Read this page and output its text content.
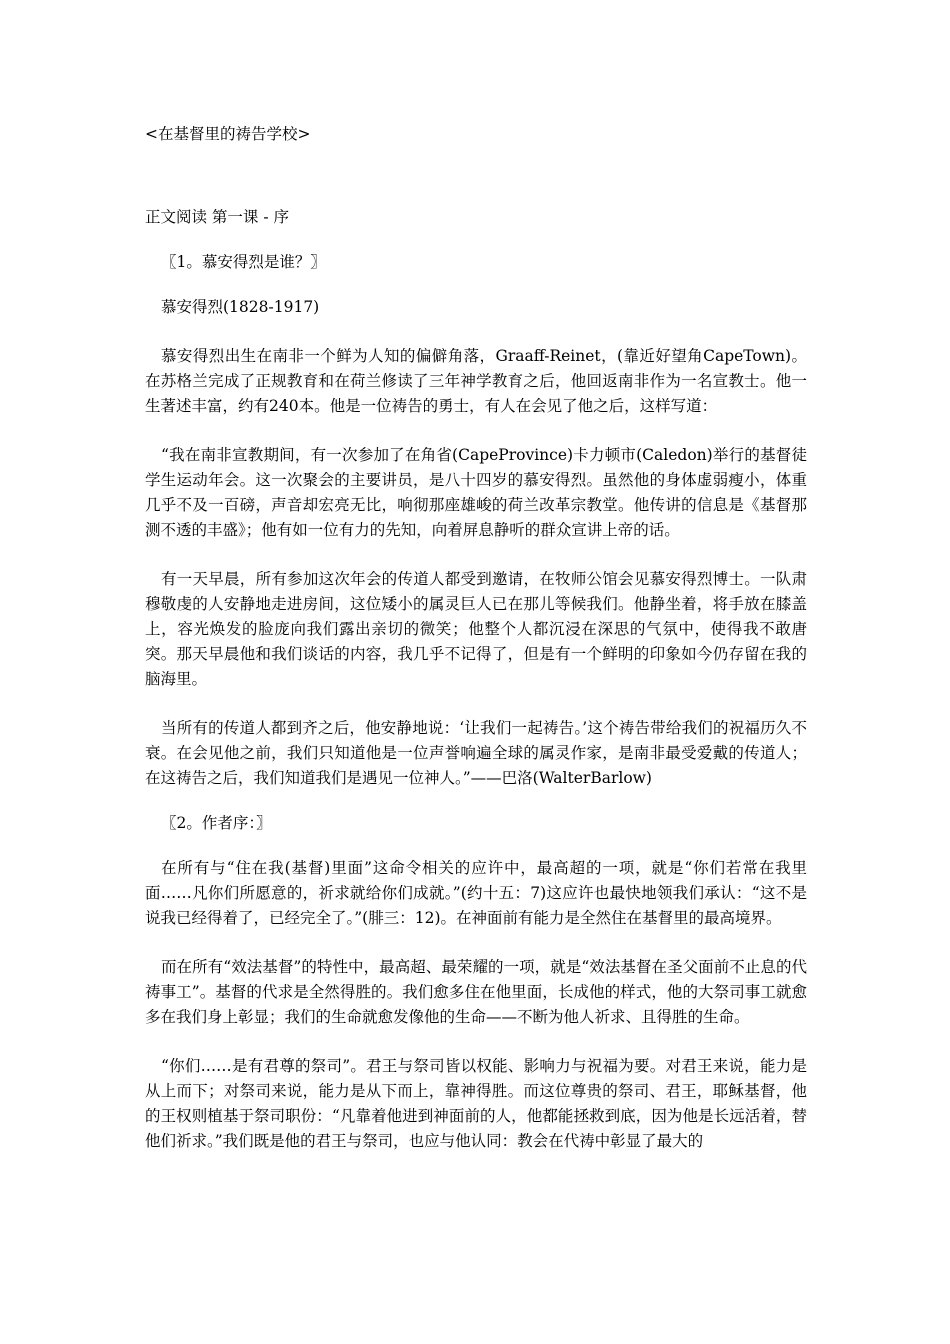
<在基督里的祷告学校>

正文阅读 第一课 - 序

〖1。慕安得烈是谁？〗

慕安得烈(1828-1917)

慕安得烈出生在南非一个鲜为人知的偏僻角落，Graaff-Reinet，(靠近好望角CapeTown)。在苏格兰完成了正规教育和在荷兰修读了三年神学教育之后，他回返南非作为一名宣教士。他一生著述丰富，约有240本。他是一位祷告的勇士，有人在会见了他之后，这样写道：

“我在南非宣教期间，有一次参加了在角省(CapeProvince)卡力顿市(Caledon)举行的基督徒学生运动年会。这一次聚会的主要讲员，是八十四岁的慕安得烈。虽然他的身体虚弱瘦小，体重几乎不及一百磅，声音却宏亮无比，响彻那座雄峻的荷兰改革宗教堂。他传讲的信息是《基督那测不透的丰盛》；他有如一位有力的先知，向着屏息静听的群众宣讲上帝的话。

有一天早晨，所有参加这次年会的传道人都受到邀请，在牧师公馆会见慕安得烈博士。一队肃穆敬虔的人安静地走进房间，这位矮小的属灵巨人已在那儿等候我们。他静坐着，将手放在膝盖上，容光焕发的脸庞向我们露出亲切的微笑；他整个人都沉浸在深思的气氛中，使得我不敢唐突。那天早晨他和我们谈话的内容，我几乎不记得了，但是有一个鲜明的印象如今仍存留在我的脑海里。

当所有的传道人都到齐之后，他安静地说：‘让我们一起祷告。’这个祷告带给我们的祝福历久不衰。在会见他之前，我们只知道他是一位声誉响遍全球的属灵作家，是南非最受爱戴的传道人；在这祷告之后，我们知道我们是遇见一位神人。”——巴洛(WalterBarlow)

〖2。作者序：〗

在所有与“住在我(基督)里面”这命令相关的应许中，最高超的一项，就是“你们若常在我里面……凡你们所愿意的，祈求就给你们成就。”(约十五：7)这应许也最快地领我们承认：“这不是说我已经得着了，已经完全了。”(腓三：12)。在神面前有能力是全然住在基督里的最高境界。

而在所有“效法基督”的特性中，最高超、最荣耀的一项，就是“效法基督在圣父面前不止息的代祷事工”。基督的代求是全然得胜的。我们愈多住在他里面，长成他的样式，他的大祭司事工就愈多在我们身上彰显；我们的生命就愈发像他的生命——不断为他人祈求、且得胜的生命。

“你们……是有君尊的祭司”。君王与祭司皆以权能、影响力与祝福为要。对君王来说，能力是从上而下；对祭司来说，能力是从下而上，靠神得胜。而这位尊贵的祭司、君王，耶稣基督，他的王权则植基于祭司职份：“凡靠着他进到神面前的人，他都能拯救到底，因为他是长远活着，替他们祈求。”我们既是他的君王与祭司，也应与他认同：教会在代祷中彰显了最大的
